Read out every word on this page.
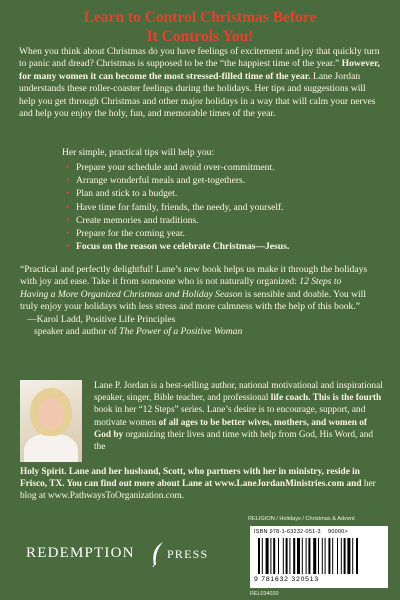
Learn to Control Christmas Before
It Controls You!
When you think about Christmas do you have feelings of excitement and joy that quickly turn to panic and dread? Christmas is supposed to be the “the happiest time of the year.” However, for many women it can become the most stressed-filled time of the year. Lane Jordan understands these roller-coaster feelings during the holidays. Her tips and suggestions will help you get through Christmas and other major holidays in a way that will calm your nerves and help you enjoy the holy, fun, and memorable times of the year.
Her simple, practical tips will help you:
• Prepare your schedule and avoid over-commitment.
• Arrange wonderful meals and get-togethers.
• Plan and stick to a budget.
• Have time for family, friends, the needy, and yourself.
• Create memories and traditions.
• Prepare for the coming year.
• Focus on the reason we celebrate Christmas—Jesus.
“Practical and perfectly delightful! Lane’s new book helps us make it through the holidays with joy and ease. Take it from someone who is not naturally organized: 12 Steps to Having a More Organized Christmas and Holiday Season is sensible and doable. You will truly enjoy your holidays with less stress and more calmness with the help of this book.”
—Karol Ladd, Positive Life Principles
speaker and author of The Power of a Positive Woman
Lane P. Jordan is a best-selling author, national motivational and inspirational speaker, singer, Bible teacher, and professional life coach. This is the fourth book in her “12 Steps” series. Lane’s desire is to encourage, support, and motivate women of all ages to be better wives, mothers, and women of God by organizing their lives and time with help from God, His Word, and the
Holy Spirit. Lane and her husband, Scott, who partners with her in ministry, reside in Frisco, TX. You can find out more about Lane at www.LaneJordanMinistries.com and her blog at www.PathwaysToOrganization.com.
RELIGION / Holidays / Christmas & Advent
ISBN 978-1-63232-051-3 90000>
9 781632 320513
REL034020
REDEMPTION	PRESS
